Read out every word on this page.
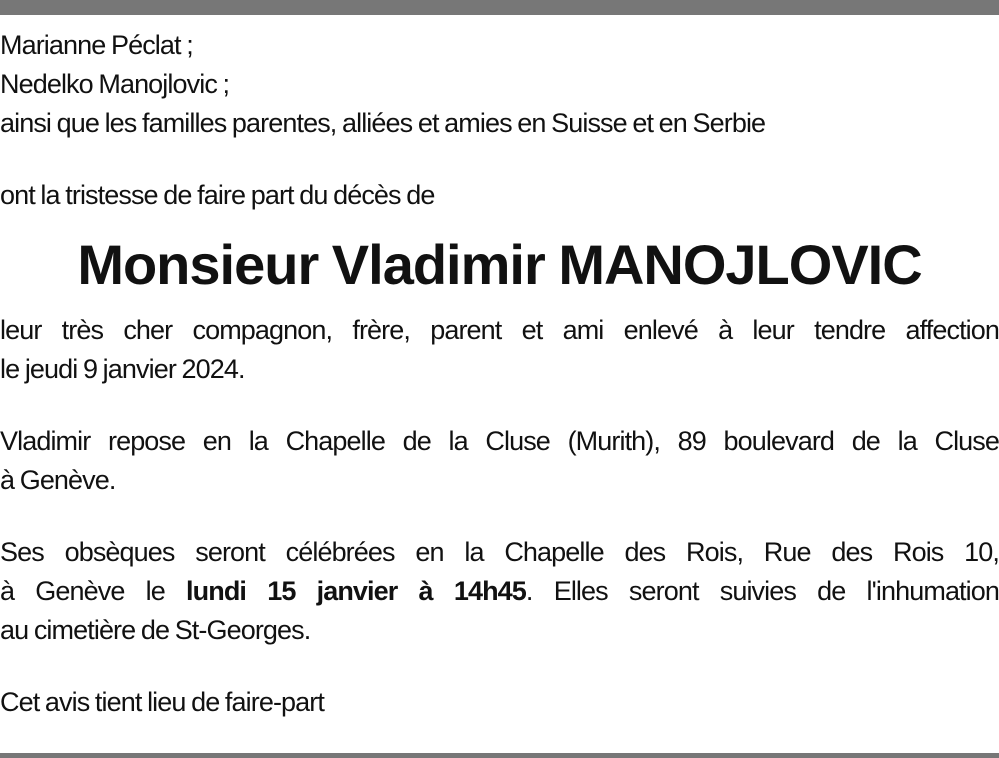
Marianne Péclat ;
Nedelko Manojlovic ;
ainsi que les familles parentes, alliées et amies en Suisse et en Serbie
ont la tristesse de faire part du décès de
Monsieur Vladimir MANOJLOVIC
leur très cher compagnon, frère, parent et ami enlevé à leur tendre affection
le jeudi 9 janvier 2024.
Vladimir repose en la Chapelle de la Cluse (Murith), 89 boulevard de la Cluse
à Genève.
Ses obsèques seront célébrées en la Chapelle des Rois, Rue des Rois 10,
à Genève le lundi 15 janvier à 14h45. Elles seront suivies de l'inhumation
au cimetière de St-Georges.
Cet avis tient lieu de faire-part
